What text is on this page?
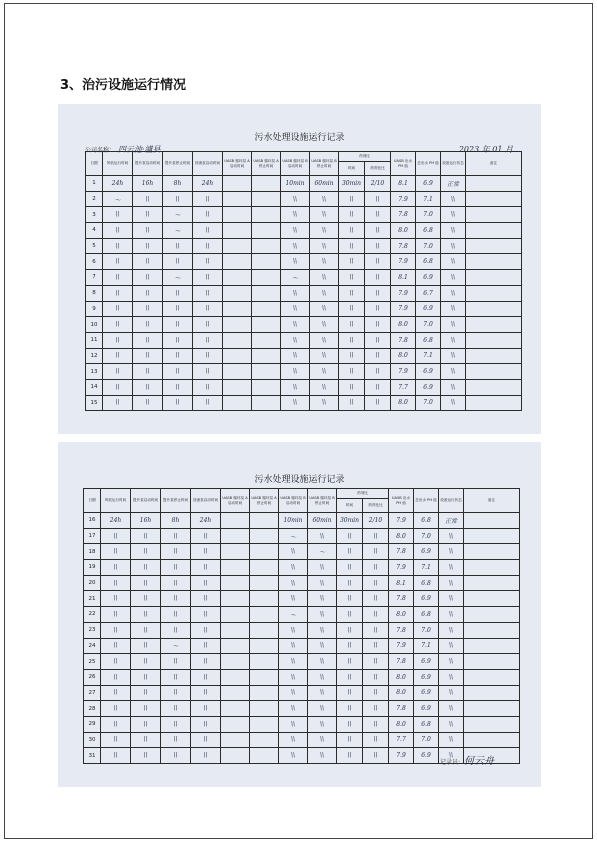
3、治污设施运行情况
污水处理设施运行记录
公司名称： 四云池·瀘县	2023 年 01 月
日期	风机运行时间	提升泵启动时间	提升泵停止时间	回流泵启动时间	UASB 循环泵 A 启动时间	UASB 循环泵 A 停止时间	UASB 循环泵 B 启动时间	UASB 循环泵 B 停止时间	药剂比		UASB 出水 PH 值	总出水 PH 值	设备运行状态	备注
									时间	药剂比比				
1	24h	16h	8h	24h			10min	60min	30min	2/10	8.1	6.9	正常	
2	〜	\\	\\	\\			\\	\\	\\	\\	7.9	7.1	\\	
3	\\	\\	〜	\\			\\	\\	\\	\\	7.8	7.0	\\	
4	\\	\\	〜	\\			\\	\\	\\	\\	8.0	6.8	\\	
5	\\	\\	\\	\\			\\	\\	\\	\\	7.8	7.0	\\	
6	\\	\\	\\	\\			\\	\\	\\	\\	7.9	6.8	\\	
7	\\	\\	〜	\\			〜	\\	\\	\\	8.1	6.9	\\	
8	\\	\\	\\	\\			\\	\\	\\	\\	7.9	6.7	\\	
9	\\	\\	\\	\\			\\	\\	\\	\\	7.9	6.9	\\	
10	\\	\\	\\	\\			\\	\\	\\	\\	8.0	7.0	\\	
11	\\	\\	\\	\\			\\	\\	\\	\\	7.8	6.8	\\	
12	\\	\\	\\	\\			\\	\\	\\	\\	8.0	7.1	\\	
13	\\	\\	\\	\\			\\	\\	\\	\\	7.9	6.9	\\	
14	\\	\\	\\	\\			\\	\\	\\	\\	7.7	6.9	\\	
15	\\	\\	\\	\\			\\	\\	\\	\\	8.0	7.0	\\	
污水处理设施运行记录
日期	风机运行时间	提升泵启动时间	提升泵停止时间	回流泵启动时间	UASB 循环泵 A 启动时间	UASB 循环泵 A 停止时间	UASB 循环泵 B 启动时间	UASB 循环泵 B 停止时间	药剂比		UASB 出水 PH 值	总出水 PH 值	设备运行状态	备注
									时间	药剂比比				
16	24h	16h	8h	24h			10min	60min	30min	2/10	7.9	6.8	正常	
17	\\	\\	\\	\\			〜	\\	\\	\\	8.0	7.0	\\	
18	\\	\\	\\	\\			\\	〜	\\	\\	7.8	6.9	\\	
19	\\	\\	\\	\\			\\	\\	\\	\\	7.9	7.1	\\	
20	\\	\\	\\	\\			\\	\\	\\	\\	8.1	6.8	\\	
21	\\	\\	\\	\\			\\	\\	\\	\\	7.8	6.9	\\	
22	\\	\\	\\	\\			〜	\\	\\	\\	8.0	6.8	\\	
23	\\	\\	\\	\\			\\	\\	\\	\\	7.8	7.0	\\	
24	\\	\\	〜	\\			\\	\\	\\	\\	7.9	7.1	\\	
25	\\	\\	\\	\\			\\	\\	\\	\\	7.8	6.9	\\	
26	\\	\\	\\	\\			\\	\\	\\	\\	8.0	6.9	\\	
27	\\	\\	\\	\\			\\	\\	\\	\\	8.0	6.9	\\	
28	\\	\\	\\	\\			\\	\\	\\	\\	7.8	6.9	\\	
29	\\	\\	\\	\\			\\	\\	\\	\\	8.0	6.8	\\	
30	\\	\\	\\	\\			\\	\\	\\	\\	7.7	7.0	\\	
31	\\	\\	\\	\\			\\	\\	\\	\\	7.9	6.9	\\	
记录员: 何云舟
